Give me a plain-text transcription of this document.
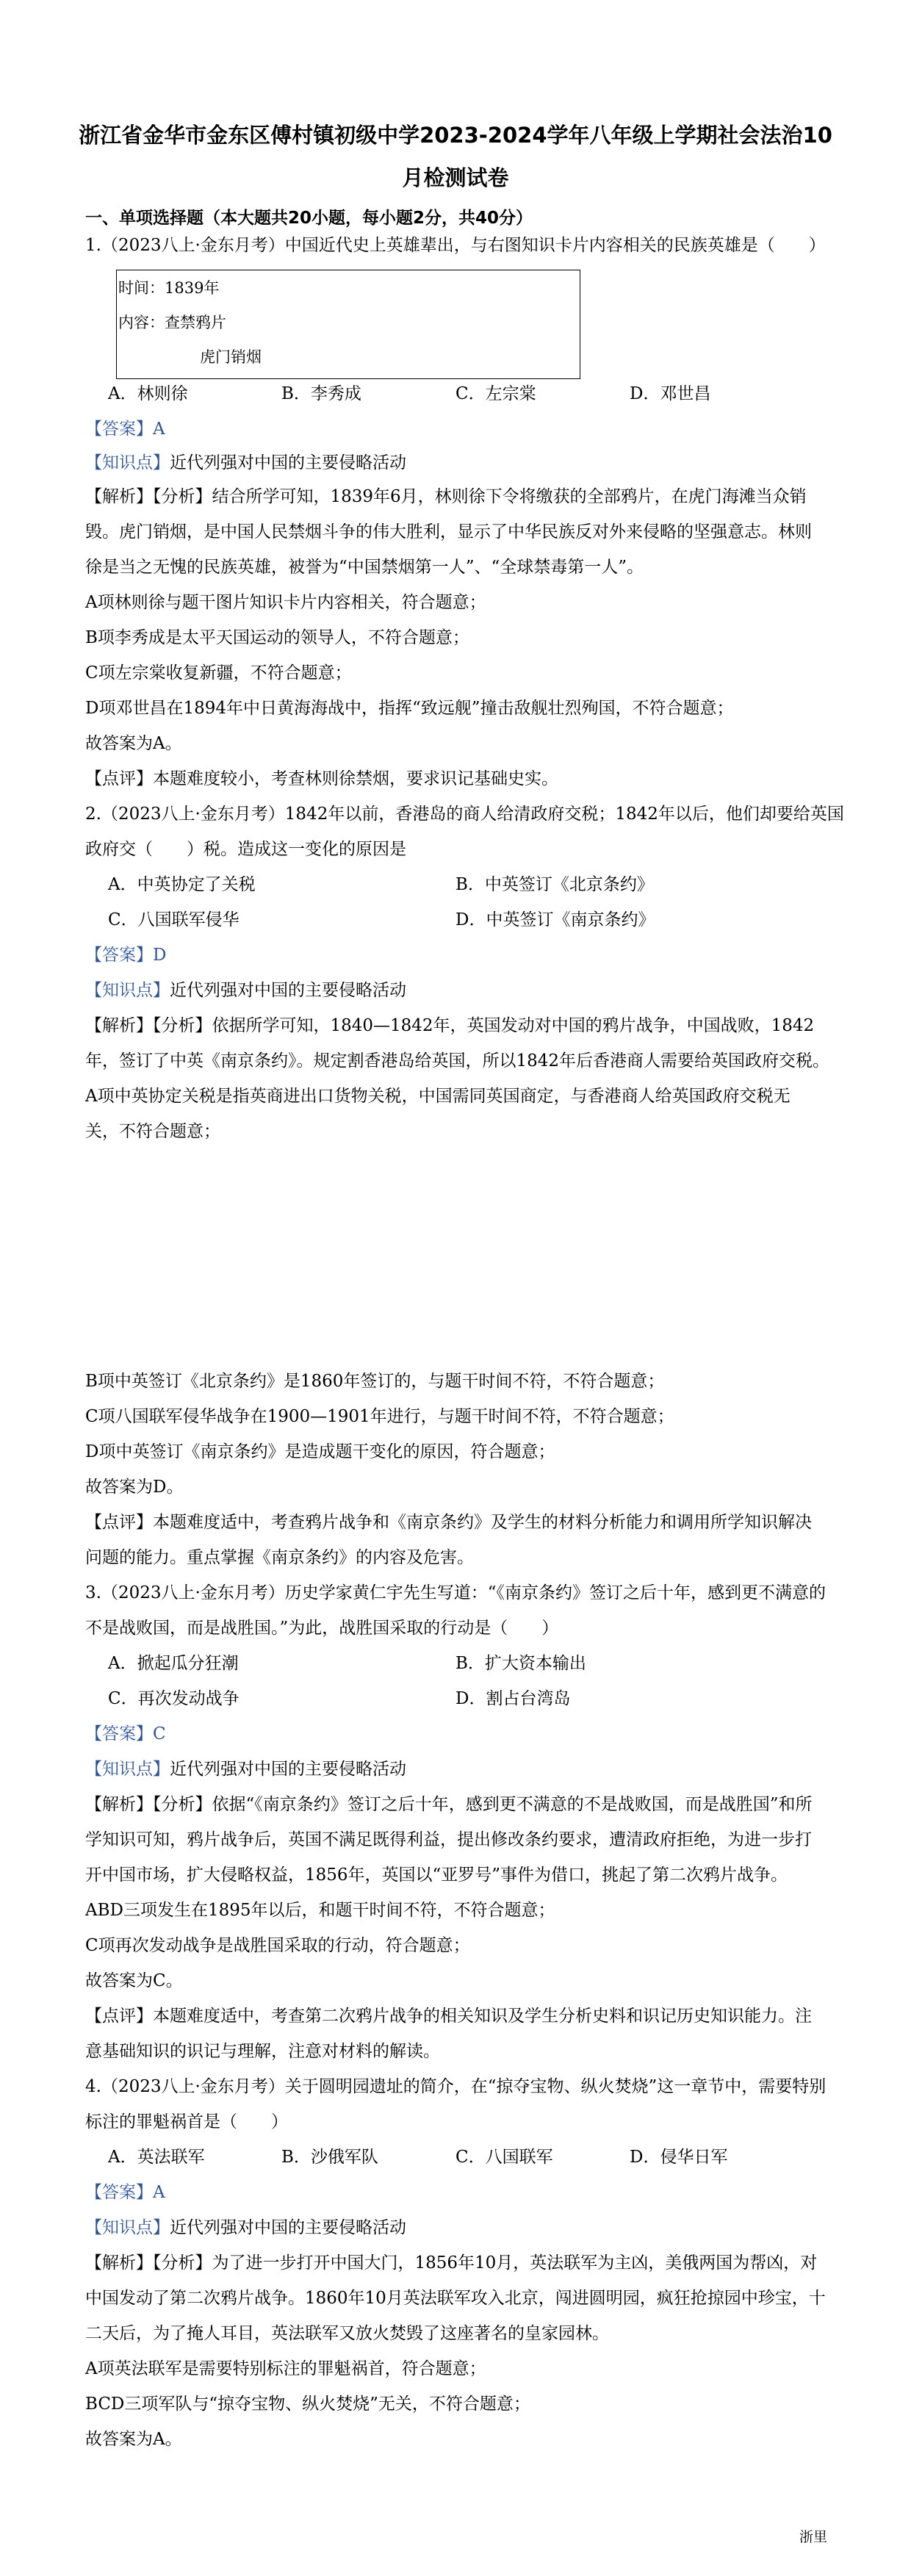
浙江省金华市金东区傅村镇初级中学2023-2024学年八年级上学期社会法治10
月检测试卷
一、单项选择题（本大题共20小题，每小题2分，共40分）
1.（2023八上·金东月考）中国近代史上英雄辈出，与右图知识卡片内容相关的民族英雄是（　　）
时间：1839年
内容：查禁鸦片
虎门销烟
A．林则徐	B．李秀成	C．左宗棠	D．邓世昌
【答案】A
【知识点】近代列强对中国的主要侵略活动
【解析】【分析】结合所学可知，1839年6月，林则徐下令将缴获的全部鸦片，在虎门海滩当众销
毁。虎门销烟，是中国人民禁烟斗争的伟大胜利，显示了中华民族反对外来侵略的坚强意志。林则
徐是当之无愧的民族英雄，被誉为“中国禁烟第一人”、“全球禁毒第一人”。
A项林则徐与题干图片知识卡片内容相关，符合题意；
B项李秀成是太平天国运动的领导人，不符合题意；
C项左宗棠收复新疆，不符合题意；
D项邓世昌在1894年中日黄海海战中，指挥“致远舰”撞击敌舰壮烈殉国，不符合题意；
故答案为A。
【点评】本题难度较小，考查林则徐禁烟，要求识记基础史实。
2.（2023八上·金东月考）1842年以前，香港岛的商人给清政府交税；1842年以后，他们却要给英国
政府交（　　）税。造成这一变化的原因是
A．中英协定了关税	B．中英签订《北京条约》
C．八国联军侵华	D．中英签订《南京条约》
【答案】D
【知识点】近代列强对中国的主要侵略活动
【解析】【分析】依据所学可知，1840—1842年，英国发动对中国的鸦片战争，中国战败，1842
年，签订了中英《南京条约》。规定割香港岛给英国，所以1842年后香港商人需要给英国政府交税。
A项中英协定关税是指英商进出口货物关税，中国需同英国商定，与香港商人给英国政府交税无
关，不符合题意；
B项中英签订《北京条约》是1860年签订的，与题干时间不符，不符合题意；
C项八国联军侵华战争在1900—1901年进行，与题干时间不符，不符合题意；
D项中英签订《南京条约》是造成题干变化的原因，符合题意；
故答案为D。
【点评】本题难度适中，考查鸦片战争和《南京条约》及学生的材料分析能力和调用所学知识解决
问题的能力。重点掌握《南京条约》的内容及危害。
3.（2023八上·金东月考）历史学家黄仁宇先生写道：“《南京条约》签订之后十年，感到更不满意的
不是战败国，而是战胜国。”为此，战胜国采取的行动是（　　）
A．掀起瓜分狂潮	B．扩大资本输出
C．再次发动战争	D．割占台湾岛
【答案】C
【知识点】近代列强对中国的主要侵略活动
【解析】【分析】依据“《南京条约》签订之后十年，感到更不满意的不是战败国，而是战胜国”和所
学知识可知，鸦片战争后，英国不满足既得利益，提出修改条约要求，遭清政府拒绝，为进一步打
开中国市场，扩大侵略权益，1856年，英国以“亚罗号”事件为借口，挑起了第二次鸦片战争。
ABD三项发生在1895年以后，和题干时间不符，不符合题意；
C项再次发动战争是战胜国采取的行动，符合题意；
故答案为C。
【点评】本题难度适中，考查第二次鸦片战争的相关知识及学生分析史料和识记历史知识能力。注
意基础知识的识记与理解，注意对材料的解读。
4.（2023八上·金东月考）关于圆明园遗址的简介，在“掠夺宝物、纵火焚烧”这一章节中，需要特别
标注的罪魁祸首是（　　）
A．英法联军	B．沙俄军队	C．八国联军	D．侵华日军
【答案】A
【知识点】近代列强对中国的主要侵略活动
【解析】【分析】为了进一步打开中国大门，1856年10月，英法联军为主凶，美俄两国为帮凶，对
中国发动了第二次鸦片战争。1860年10月英法联军攻入北京，闯进圆明园，疯狂抢掠园中珍宝，十
二天后，为了掩人耳目，英法联军又放火焚毁了这座著名的皇家园林。
A项英法联军是需要特别标注的罪魁祸首，符合题意；
BCD三项军队与“掠夺宝物、纵火焚烧”无关，不符合题意；
故答案为A。
浙里
